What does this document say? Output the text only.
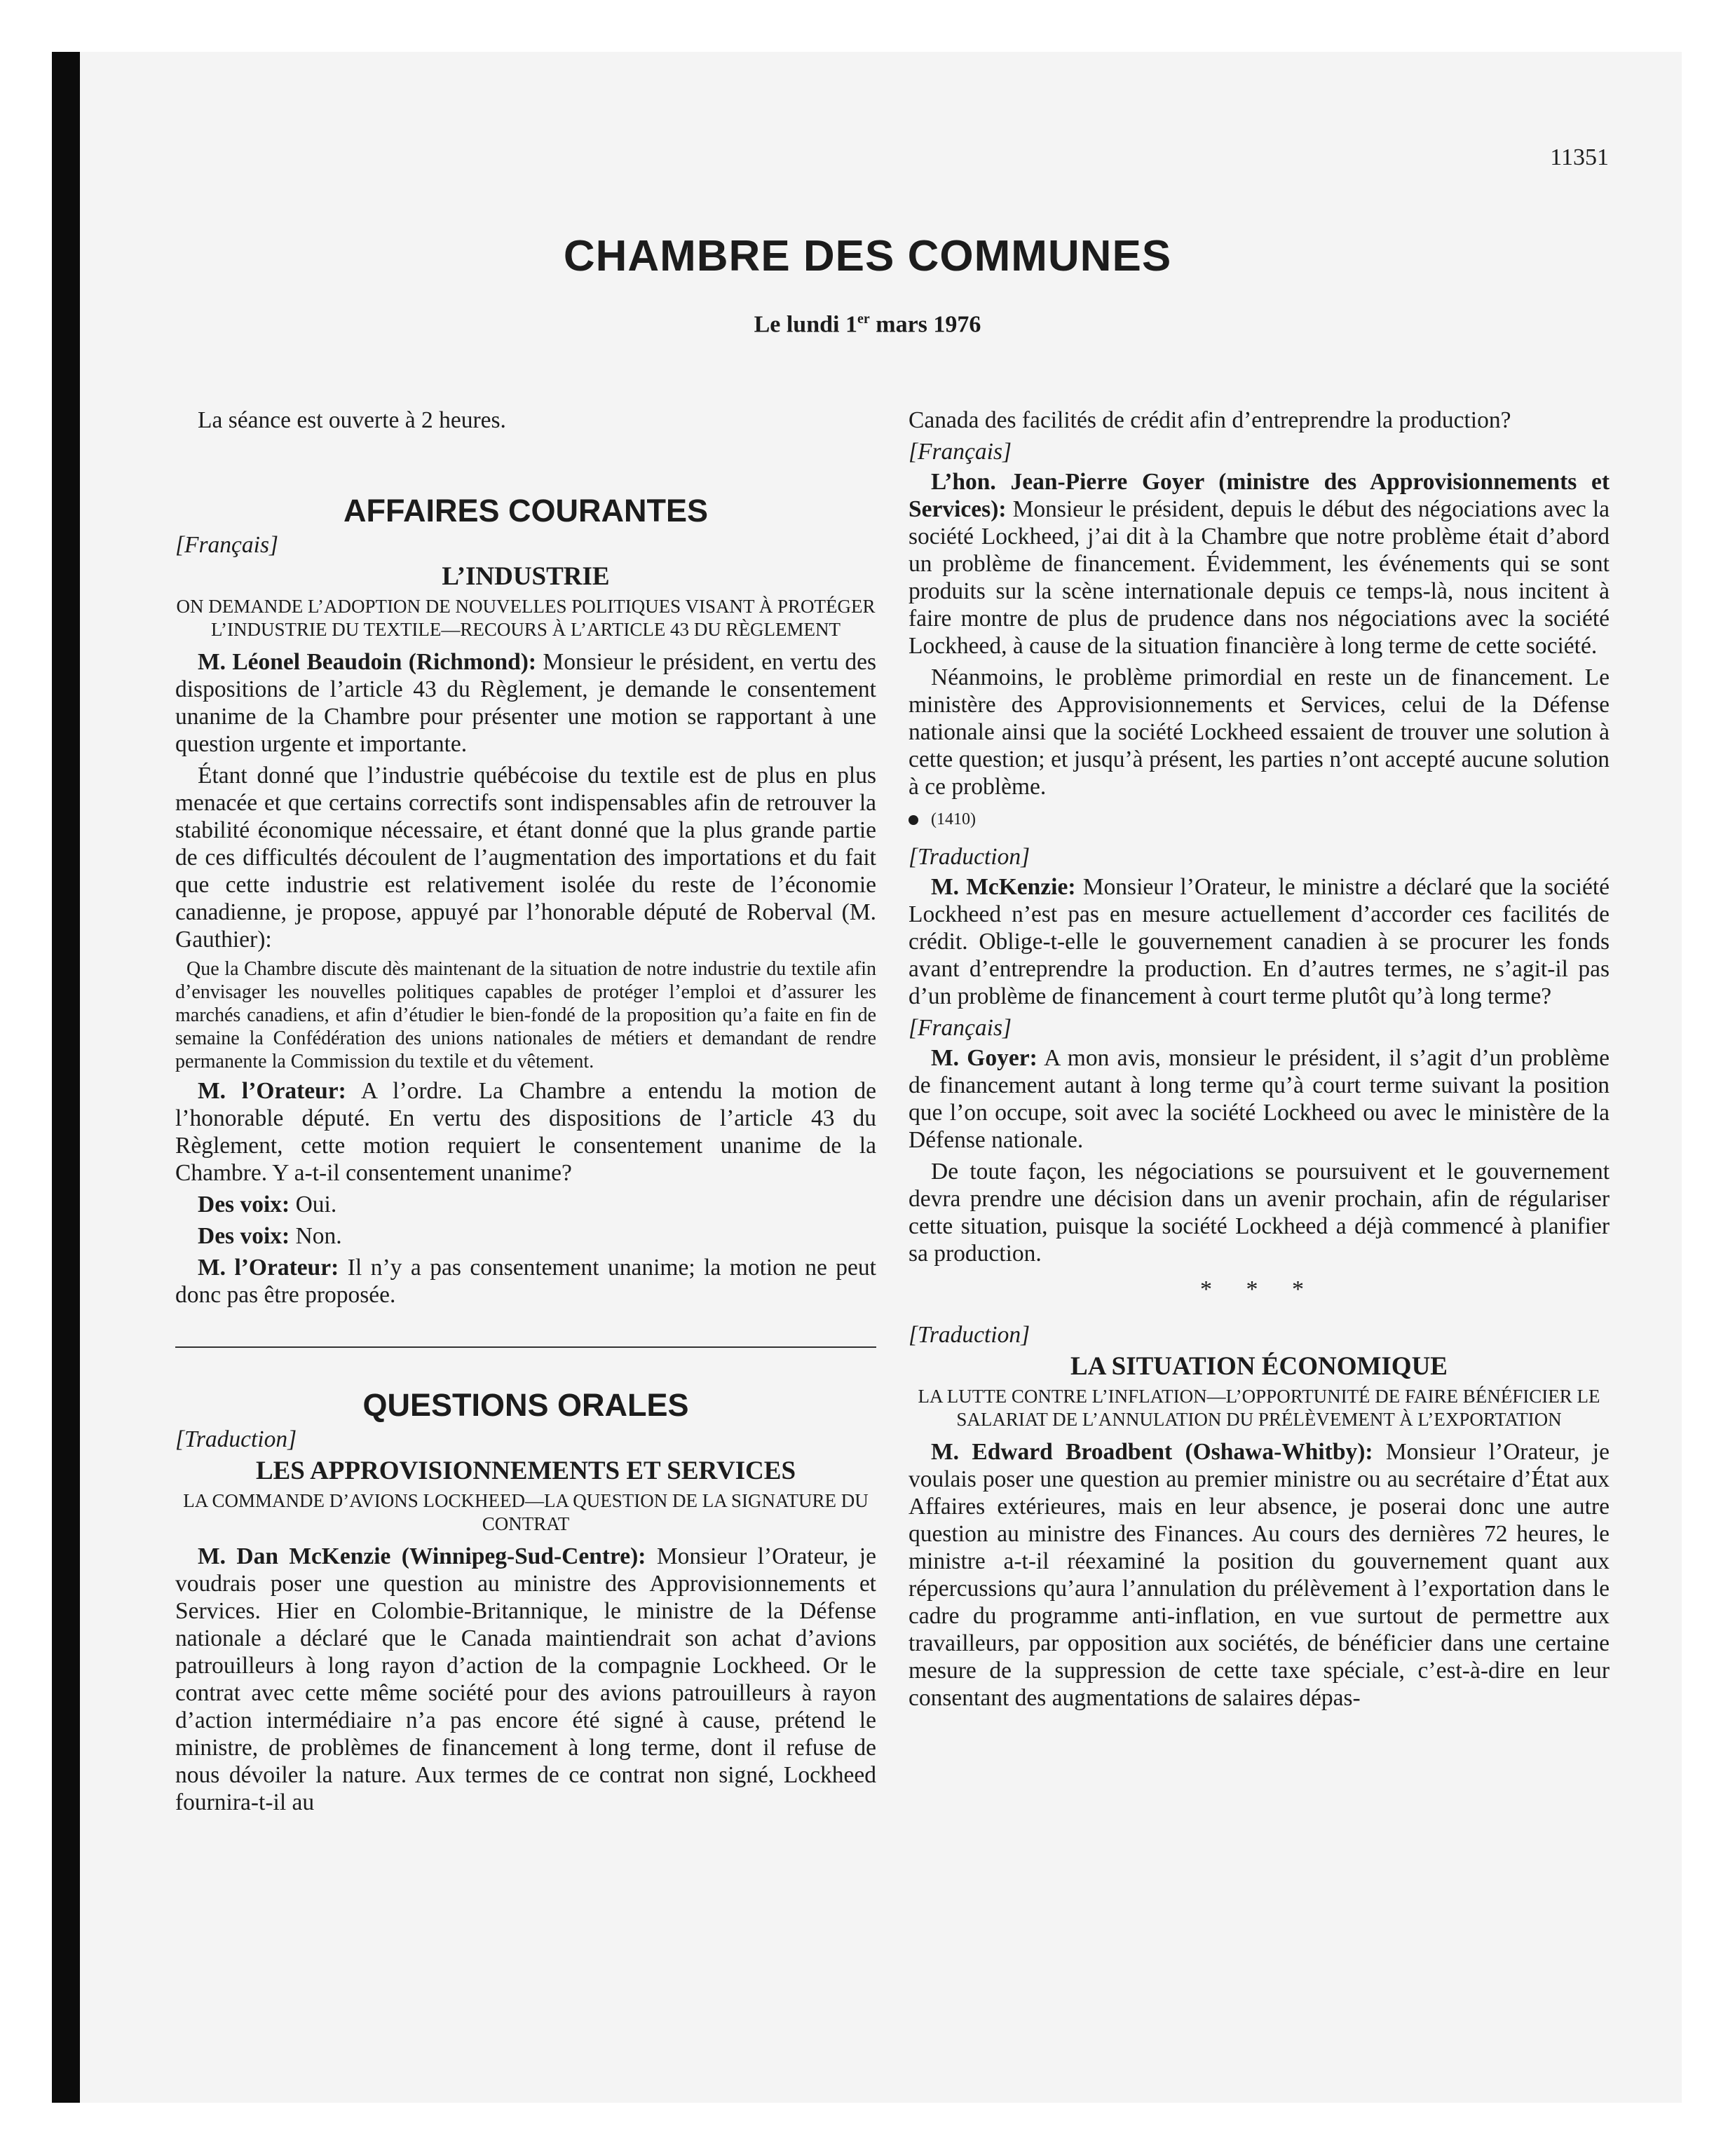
11351
CHAMBRE DES COMMUNES
Le lundi 1er mars 1976

La séance est ouverte à 2 heures.

AFFAIRES COURANTES

[Français]

L’INDUSTRIE
ON DEMANDE L’ADOPTION DE NOUVELLES POLITIQUES VISANT À PROTÉGER L’INDUSTRIE DU TEXTILE—RECOURS À L’ARTICLE 43 DU RÈGLEMENT

M. Léonel Beaudoin (Richmond): Monsieur le président, en vertu des dispositions de l’article 43 du Règlement, je demande le consentement unanime de la Chambre pour présenter une motion se rapportant à une question urgente et importante.

Étant donné que l’industrie québécoise du textile est de plus en plus menacée et que certains correctifs sont indispensables afin de retrouver la stabilité économique nécessaire, et étant donné que la plus grande partie de ces difficultés découlent de l’augmentation des importations et du fait que cette industrie est relativement isolée du reste de l’économie canadienne, je propose, appuyé par l’honorable député de Roberval (M. Gauthier):

Que la Chambre discute dès maintenant de la situation de notre industrie du textile afin d’envisager les nouvelles politiques capables de protéger l’emploi et d’assurer les marchés canadiens, et afin d’étudier le bien-fondé de la proposition qu’a faite en fin de semaine la Confédération des unions nationales de métiers et demandant de rendre permanente la Commission du textile et du vêtement.

M. l’Orateur: A l’ordre. La Chambre a entendu la motion de l’honorable député. En vertu des dispositions de l’article 43 du Règlement, cette motion requiert le consentement unanime de la Chambre. Y a-t-il consentement unanime?

Des voix: Oui.

Des voix: Non.

M. l’Orateur: Il n’y a pas consentement unanime; la motion ne peut donc pas être proposée.

QUESTIONS ORALES

[Traduction]

LES APPROVISIONNEMENTS ET SERVICES
LA COMMANDE D’AVIONS LOCKHEED—LA QUESTION DE LA SIGNATURE DU CONTRAT

M. Dan McKenzie (Winnipeg-Sud-Centre): Monsieur l’Orateur, je voudrais poser une question au ministre des Approvisionnements et Services. Hier en Colombie-Britannique, le ministre de la Défense nationale a déclaré que le Canada maintiendrait son achat d’avions patrouilleurs à long rayon d’action de la compagnie Lockheed. Or le contrat avec cette même société pour des avions patrouilleurs à rayon d’action intermédiaire n’a pas encore été signé à cause, prétend le ministre, de problèmes de financement à long terme, dont il refuse de nous dévoiler la nature. Aux termes de ce contrat non signé, Lockheed fournira-t-il au

Canada des facilités de crédit afin d’entreprendre la production?

[Français]

L’hon. Jean-Pierre Goyer (ministre des Approvisionnements et Services): Monsieur le président, depuis le début des négociations avec la société Lockheed, j’ai dit à la Chambre que notre problème était d’abord un problème de financement. Évidemment, les événements qui se sont produits sur la scène internationale depuis ce temps-là, nous incitent à faire montre de plus de prudence dans nos négociations avec la société Lockheed, à cause de la situation financière à long terme de cette société.

Néanmoins, le problème primordial en reste un de financement. Le ministère des Approvisionnements et Services, celui de la Défense nationale ainsi que la société Lockheed essaient de trouver une solution à cette question; et jusqu’à présent, les parties n’ont accepté aucune solution à ce problème.

(1410)

[Traduction]

M. McKenzie: Monsieur l’Orateur, le ministre a déclaré que la société Lockheed n’est pas en mesure actuellement d’accorder ces facilités de crédit. Oblige-t-elle le gouvernement canadien à se procurer les fonds avant d’entreprendre la production. En d’autres termes, ne s’agit-il pas d’un problème de financement à court terme plutôt qu’à long terme?

[Français]

M. Goyer: A mon avis, monsieur le président, il s’agit d’un problème de financement autant à long terme qu’à court terme suivant la position que l’on occupe, soit avec la société Lockheed ou avec le ministère de la Défense nationale.

De toute façon, les négociations se poursuivent et le gouvernement devra prendre une décision dans un avenir prochain, afin de régulariser cette situation, puisque la société Lockheed a déjà commencé à planifier sa production.

* * *

[Traduction]

LA SITUATION ÉCONOMIQUE
LA LUTTE CONTRE L’INFLATION—L’OPPORTUNITÉ DE FAIRE BÉNÉFICIER LE SALARIAT DE L’ANNULATION DU PRÉLÈVEMENT À L’EXPORTATION

M. Edward Broadbent (Oshawa-Whitby): Monsieur l’Orateur, je voulais poser une question au premier ministre ou au secrétaire d’État aux Affaires extérieures, mais en leur absence, je poserai donc une autre question au ministre des Finances. Au cours des dernières 72 heures, le ministre a-t-il réexaminé la position du gouvernement quant aux répercussions qu’aura l’annulation du prélèvement à l’exportation dans le cadre du programme anti-inflation, en vue surtout de permettre aux travailleurs, par opposition aux sociétés, de bénéficier dans une certaine mesure de la suppression de cette taxe spéciale, c’est-à-dire en leur consentant des augmentations de salaires dépas-
